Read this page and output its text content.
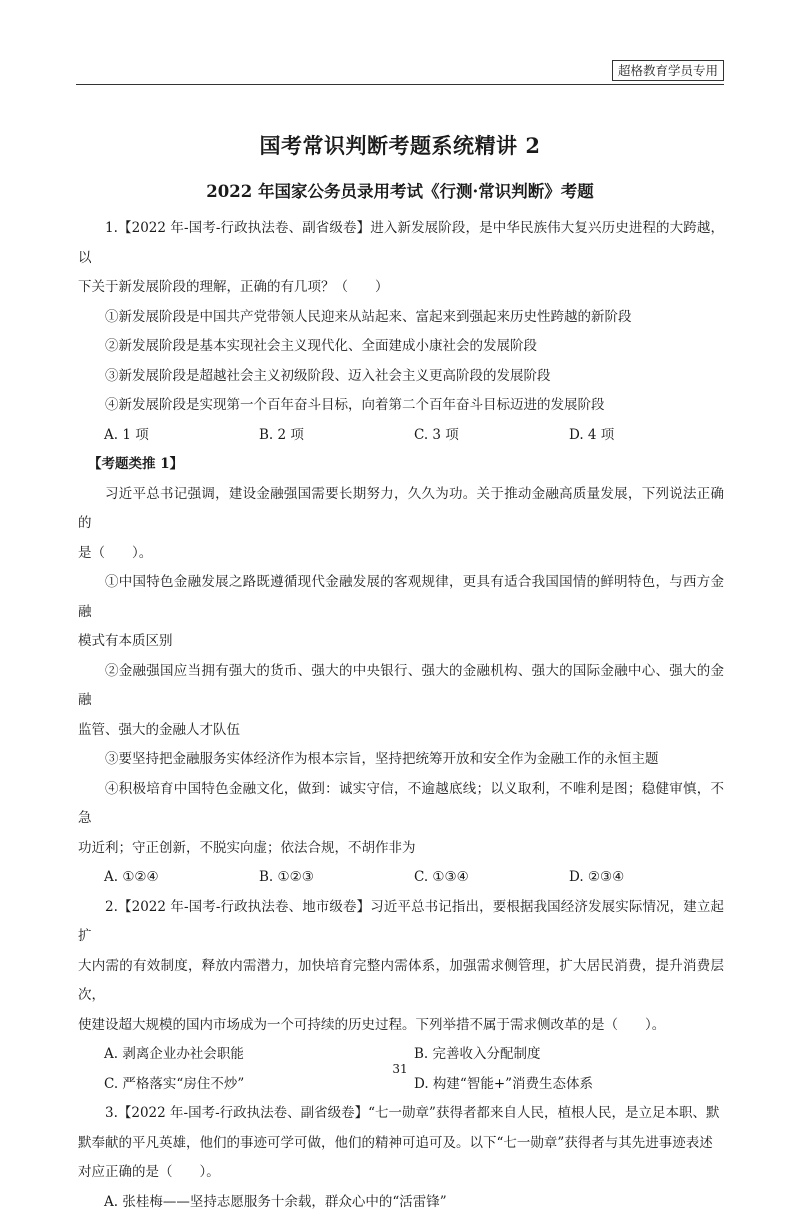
超格教育学员专用
国考常识判断考题系统精讲 2
2022 年国家公务员录用考试《行测·常识判断》考题

1.【2022 年-国考-行政执法卷、副省级卷】进入新发展阶段，是中华民族伟大复兴历史进程的大跨越，以

下关于新发展阶段的理解，正确的有几项？（　　）

①新发展阶段是中国共产党带领人民迎来从站起来、富起来到强起来历史性跨越的新阶段

②新发展阶段是基本实现社会主义现代化、全面建成小康社会的发展阶段

③新发展阶段是超越社会主义初级阶段、迈入社会主义更高阶段的发展阶段

④新发展阶段是实现第一个百年奋斗目标，向着第二个百年奋斗目标迈进的发展阶段

A. 1 项	B. 2 项	C. 3 项	D. 4 项
【考题类推 1】

习近平总书记强调，建设金融强国需要长期努力，久久为功。关于推动金融高质量发展，下列说法正确的

是（　　）。

①中国特色金融发展之路既遵循现代金融发展的客观规律，更具有适合我国国情的鲜明特色，与西方金融

模式有本质区别

②金融强国应当拥有强大的货币、强大的中央银行、强大的金融机构、强大的国际金融中心、强大的金融

监管、强大的金融人才队伍

③要坚持把金融服务实体经济作为根本宗旨，坚持把统筹开放和安全作为金融工作的永恒主题

④积极培育中国特色金融文化，做到：诚实守信，不逾越底线；以义取利，不唯利是图；稳健审慎，不急

功近利；守正创新，不脱实向虚；依法合规，不胡作非为

A. ①②④	B. ①②③	C. ①③④	D. ②③④

2.【2022 年-国考-行政执法卷、地市级卷】习近平总书记指出，要根据我国经济发展实际情况，建立起扩

大内需的有效制度，释放内需潜力，加快培育完整内需体系，加强需求侧管理，扩大居民消费，提升消费层次，

使建设超大规模的国内市场成为一个可持续的历史过程。下列举措不属于需求侧改革的是（　　）。

A. 剥离企业办社会职能	B. 完善收入分配制度
C. 严格落实“房住不炒”	D. 构建“智能+”消费生态体系

3.【2022 年-国考-行政执法卷、副省级卷】“七一勋章”获得者都来自人民，植根人民，是立足本职、默

默奉献的平凡英雄，他们的事迹可学可做，他们的精神可追可及。以下“七一勋章”获得者与其先进事迹表述

对应正确的是（　　）。

A. 张桂梅——坚持志愿服务十余载，群众心中的“活雷锋”
31
